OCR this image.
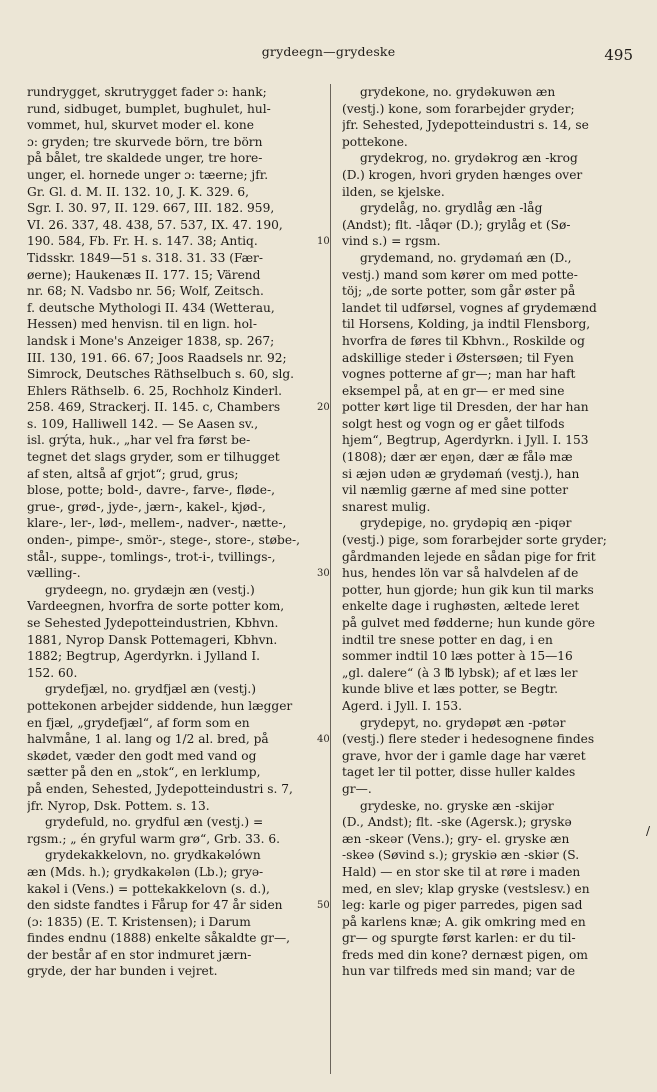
grydeegn—grydeske	495
rundrygget, skrutrygget fader ɔ: hank;
rund, sidbuget, bumplet, bughulet, hul-
vommet, hul, skurvet moder el. kone
ɔ: gryden; tre skurvede börn, tre börn
på bålet, tre skaldede unger, tre hore-
unger, el. hornede unger ɔ: tæerne; jfr.
Gr. Gl. d. M. II. 132. 10, J. K. 329. 6,
Sgr. I. 30. 97, II. 129. 667, III. 182. 959,
VI. 26. 337, 48. 438, 57. 537, IX. 47. 190,
190. 584, Fb. Fr. H. s. 147. 38; Antiq.
Tidsskr. 1849—51 s. 318. 31. 33 (Fær-
øerne); Haukenæs II. 177. 15; Värend
nr. 68; N. Vadsbo nr. 56; Wolf, Zeitsch.
f. deutsche Mythologi II. 434 (Wetterau,
Hessen) med henvisn. til en lign. hol-
landsk i Mone's Anzeiger 1838, sp. 267;
III. 130, 191. 66. 67; Joos Raadsels nr. 92;
Simrock, Deutsches Räthselbuch s. 60, slg.
Ehlers Räthselb. 6. 25, Rochholz Kinderl.
258. 469, Strackerj. II. 145. c, Chambers
s. 109, Halliwell 142. — Se Aasen sv.,
isl. grýta, huk., „har vel fra først be-
tegnet det slags gryder, som er tilhugget
af sten, altså af grjot“; grud, grus;
blose, potte; bold-, davre-, farve-, fløde-,
grue-, grød-, jyde-, jærn-, kakel-, kjød-,
klare-, ler-, lød-, mellem-, nadver-, nætte-,
onden-, pimpe-, smör-, stege-, store-, støbe-,
stål-, suppe-, tomlings-, trot-i-, tvillings-,
vælling-.
grydeegn, no. grydæjn æn (vestj.)
Vardeegnen, hvorfra de sorte potter kom,
se Sehested Jydepotteindustrien, Kbhvn.
1881, Nyrop Dansk Pottemageri, Kbhvn.
1882; Begtrup, Agerdyrkn. i Jylland I.
152. 60.
grydefjæl, no. grydfjæl æn (vestj.)
pottekonen arbejder siddende, hun lægger
en fjæl, „grydefjæl“, af form som en
halvmåne, 1 al. lang og 1/2 al. bred, på
skødet, væder den godt med vand og
sætter på den en „stok“, en lerklump,
på enden, Sehested, Jydepotteindustri s. 7,
jfr. Nyrop, Dsk. Pottem. s. 13.
grydefuld, no. grydful æn (vestj.) =
rgsm.; „ én gryful warm grø“, Grb. 33. 6.
grydekakkelovn, no. grydkakəlówn
æn (Mds. h.); grydkakələn (Lb.); gryə-
kakəl i (Vens.) = pottekakkelovn (s. d.),
den sidste fandtes i Fårup for 47 år siden
(ɔ: 1835) (E. T. Kristensen); i Darum
findes endnu (1888) enkelte såkaldte gr—,
der består af en stor indmuret jærn-
gryde, der har bunden i vejret.
grydekone, no. grydəkuwən æn
(vestj.) kone, som forarbejder gryder;
jfr. Sehested, Jydepotteindustri s. 14, se
pottekone.
grydekrog, no. grydəkrog æn -krog
(D.) krogen, hvori gryden hænges over
ilden, se kjelske.
grydelåg, no. grydlåg æn -låg
(Andst); flt. -låqər (D.); grylåg et (Sø-
vind s.) = rgsm.
grydemand, no. grydəmań æn (D.,
vestj.) mand som kører om med potte-
töj; „de sorte potter, som går øster på
landet til udførsel, vognes af grydemænd
til Horsens, Kolding, ja indtil Flensborg,
hvorfra de føres til Kbhvn., Roskilde og
adskillige steder i Østersøen; til Fyen
vognes potterne af gr—; man har haft
eksempel på, at en gr— er med sine
potter kørt lige til Dresden, der har han
solgt hest og vogn og er gået tilfods
hjem“, Begtrup, Agerdyrkn. i Jyll. I. 153
(1808); dær ær eŋən, dær æ fålə mæ
si æjən udən æ grydəmań (vestj.), han
vil næmlig gærne af med sine potter
snarest mulig.
grydepige, no. grydəpiq æn -piqər
(vestj.) pige, som forarbejder sorte gryder;
gårdmanden lejede en sådan pige for frit
hus, hendes lön var så halvdelen af de
potter, hun gjorde; hun gik kun til marks
enkelte dage i rughøsten, æltede leret
på gulvet med fødderne; hun kunde göre
indtil tre snese potter en dag, i en
sommer indtil 10 læs potter à 15—16
„gl. dalere“ (à 3 ℔ lybsk); af et læs ler
kunde blive et læs potter, se Begtr.
Agerd. i Jyll. I. 153.
grydepyt, no. grydəpøt æn -pøtər
(vestj.) flere steder i hedesognene findes
grave, hvor der i gamle dage har været
taget ler til potter, disse huller kaldes
gr—.
grydeske, no. gryske æn -skijər
(D., Andst); flt. -ske (Agersk.); gryskə
æn -skeər (Vens.); gry- el. gryske æn
-skeə (Søvind s.); gryskiə æn -skiər (S.
Hald) — en stor ske til at røre i maden
med, en slev; klap gryske (vestslesv.) en
leg: karle og piger parredes, pigen sad
på karlens knæ; A. gik omkring med en
gr— og spurgte først karlen: er du til-
freds med din kone? dernæst pigen, om
hun var tilfreds med sin mand; var de
10
20
30
40
50
/
